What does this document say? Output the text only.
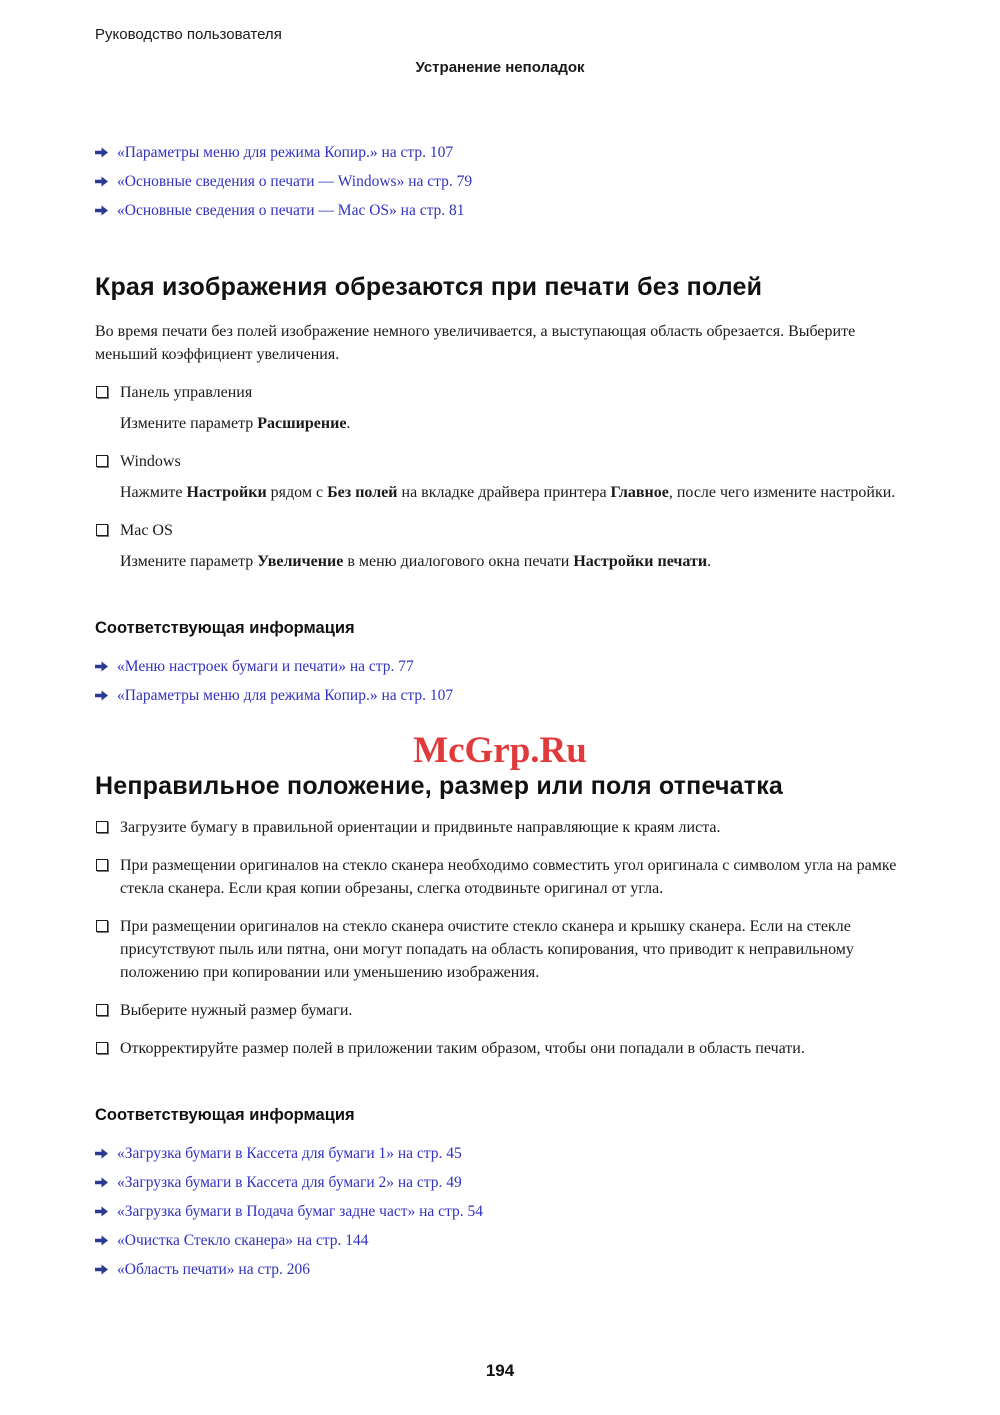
Руководство пользователя
Устранение неполадок
«Параметры меню для режима Копир.» на стр. 107
«Основные сведения о печати — Windows» на стр. 79
«Основные сведения о печати — Mac OS» на стр. 81
Края изображения обрезаются при печати без полей

Во время печати без полей изображение немного увеличивается, а выступающая область обрезается. Выберите меньший коэффициент увеличения.

Панель управления

Измените параметр Расширение.

Windows

Нажмите Настройки рядом с Без полей на вкладке драйвера принтера Главное, после чего измените настройки.

Mac OS

Измените параметр Увеличение в меню диалогового окна печати Настройки печати.

Соответствующая информация
«Меню настроек бумаги и печати» на стр. 77
«Параметры меню для режима Копир.» на стр. 107
McGrp.Ru
Неправильное положение, размер или поля отпечатка

Загрузите бумагу в правильной ориентации и придвиньте направляющие к краям листа.

При размещении оригиналов на стекло сканера необходимо совместить угол оригинала с символом угла на рамке стекла сканера. Если края копии обрезаны, слегка отодвиньте оригинал от угла.

При размещении оригиналов на стекло сканера очистите стекло сканера и крышку сканера. Если на стекле присутствуют пыль или пятна, они могут попадать на область копирования, что приводит к неправильному положению при копировании или уменьшению изображения.

Выберите нужный размер бумаги.

Откорректируйте размер полей в приложении таким образом, чтобы они попадали в область печати.

Соответствующая информация
«Загрузка бумаги в Кассета для бумаги 1» на стр. 45
«Загрузка бумаги в Кассета для бумаги 2» на стр. 49
«Загрузка бумаги в Подача бумаг задне част» на стр. 54
«Очистка Стекло сканера» на стр. 144
«Область печати» на стр. 206
194
